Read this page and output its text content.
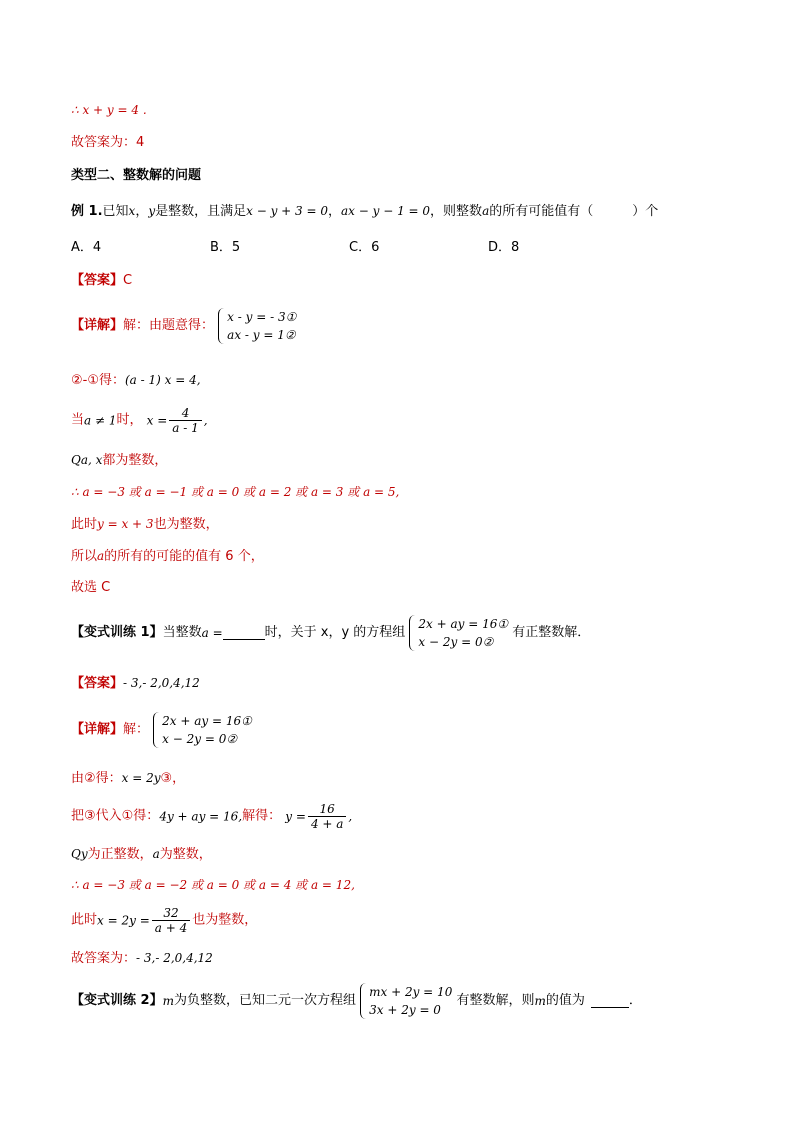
∴ x + y = 4 .
故答案为：4
类型二、整数解的问题
例 1.已知x，y是整数，且满足x − y + 3 = 0，ax − y − 1 = 0，则整数a的所有可能值有（　　　）个
A．4	B．5	C．6	D．8
【答案】C
【详解】解：由题意得：
x - y = - 3①
ax - y = 1②
②-①得：(a - 1) x = 4,
当a ≠ 1时， $x = \frac{4}{a - 1}$ ,
Qa, x都为整数，
∴ a = −3 或 a = −1 或 a = 0 或 a = 2 或 a = 3 或 a = 5,
此时y = x + 3也为整数，
所以a的所有的可能的值有 6 个，
故选 C
【变式训练 1】当整数a =	时，关于 x，y 的方程组
2x + ay = 16①
x − 2y = 0②
有正整数解．
【答案】- 3,- 2,0,4,12
【详解】解：
2x + ay = 16①
x − 2y = 0②
由②得：x = 2y③，
把③代入①得：4y + ay = 16,解得： $y = \frac{16}{4 + a}$ ,
Qy为正整数，a为整数，
∴ a = −3 或 a = −2 或 a = 0 或 a = 4 或 a = 12,
此时$x = 2y = \frac{32}{a + 4}$ 也为整数，
故答案为：- 3,- 2,0,4,12
【变式训练 2】m为负整数，已知二元一次方程组
mx + 2y = 10
3x + 2y = 0
有整数解，则m的值为	．
